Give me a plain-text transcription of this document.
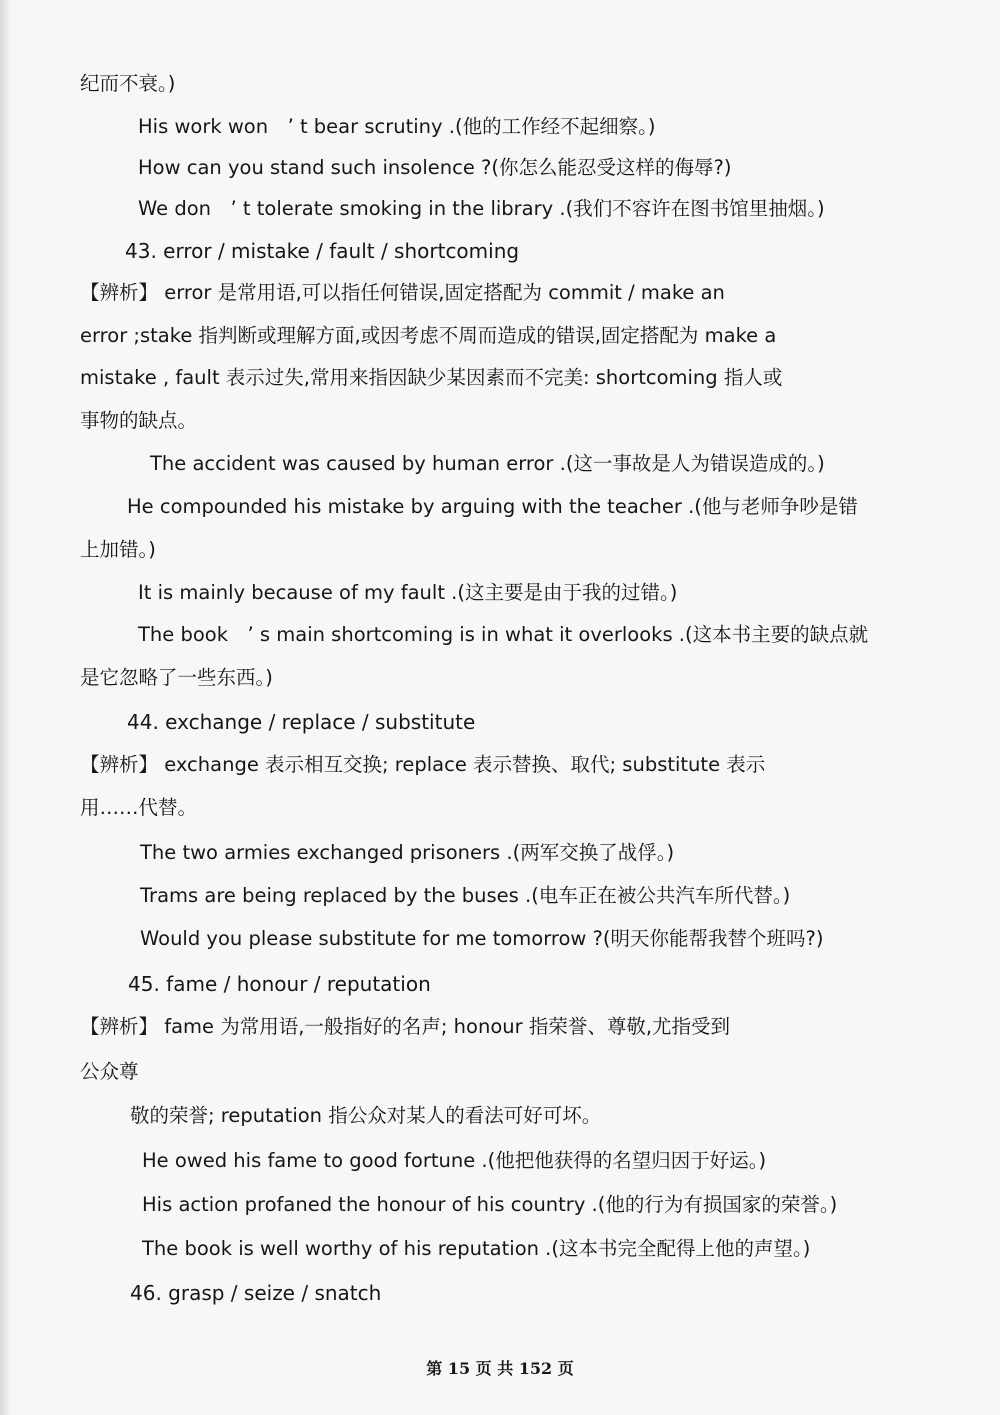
纪而不衰。)
His work won　’ t bear scrutiny .(他的工作经不起细察。)
How can you stand such insolence ?(你怎么能忍受这样的侮辱?)
We don　’ t tolerate smoking in the library .(我们不容许在图书馆里抽烟。)
43. error / mistake / fault / shortcoming
【辨析】 error 是常用语,可以指任何错误,固定搭配为 commit / make an
error ;stake 指判断或理解方面,或因考虑不周而造成的错误,固定搭配为 make a
mistake , fault 表示过失,常用来指因缺少某因素而不完美: shortcoming 指人或
事物的缺点。
The accident was caused by human error .(这一事故是人为错误造成的。)
He compounded his mistake by arguing with the teacher .(他与老师争吵是错
上加错。)
It is mainly because of my fault .(这主要是由于我的过错。)
The book　’ s main shortcoming is in what it overlooks .(这本书主要的缺点就
是它忽略了一些东西。)
44. exchange / replace / substitute
【辨析】 exchange 表示相互交换; replace 表示替换、取代; substitute 表示
用……代替。
The two armies exchanged prisoners .(两军交换了战俘。)
Trams are being replaced by the buses .(电车正在被公共汽车所代替。)
Would you please substitute for me tomorrow ?(明天你能帮我替个班吗?)
45. fame / honour / reputation
【辨析】 fame 为常用语,一般指好的名声; honour 指荣誉、尊敬,尤指受到
公众尊
敬的荣誉; reputation 指公众对某人的看法可好可坏。
He owed his fame to good fortune .(他把他获得的名望归因于好运。)
His action profaned the honour of his country .(他的行为有损国家的荣誉。)
The book is well worthy of his reputation .(这本书完全配得上他的声望。)
46. grasp / seize / snatch
第 15 页 共 152 页
